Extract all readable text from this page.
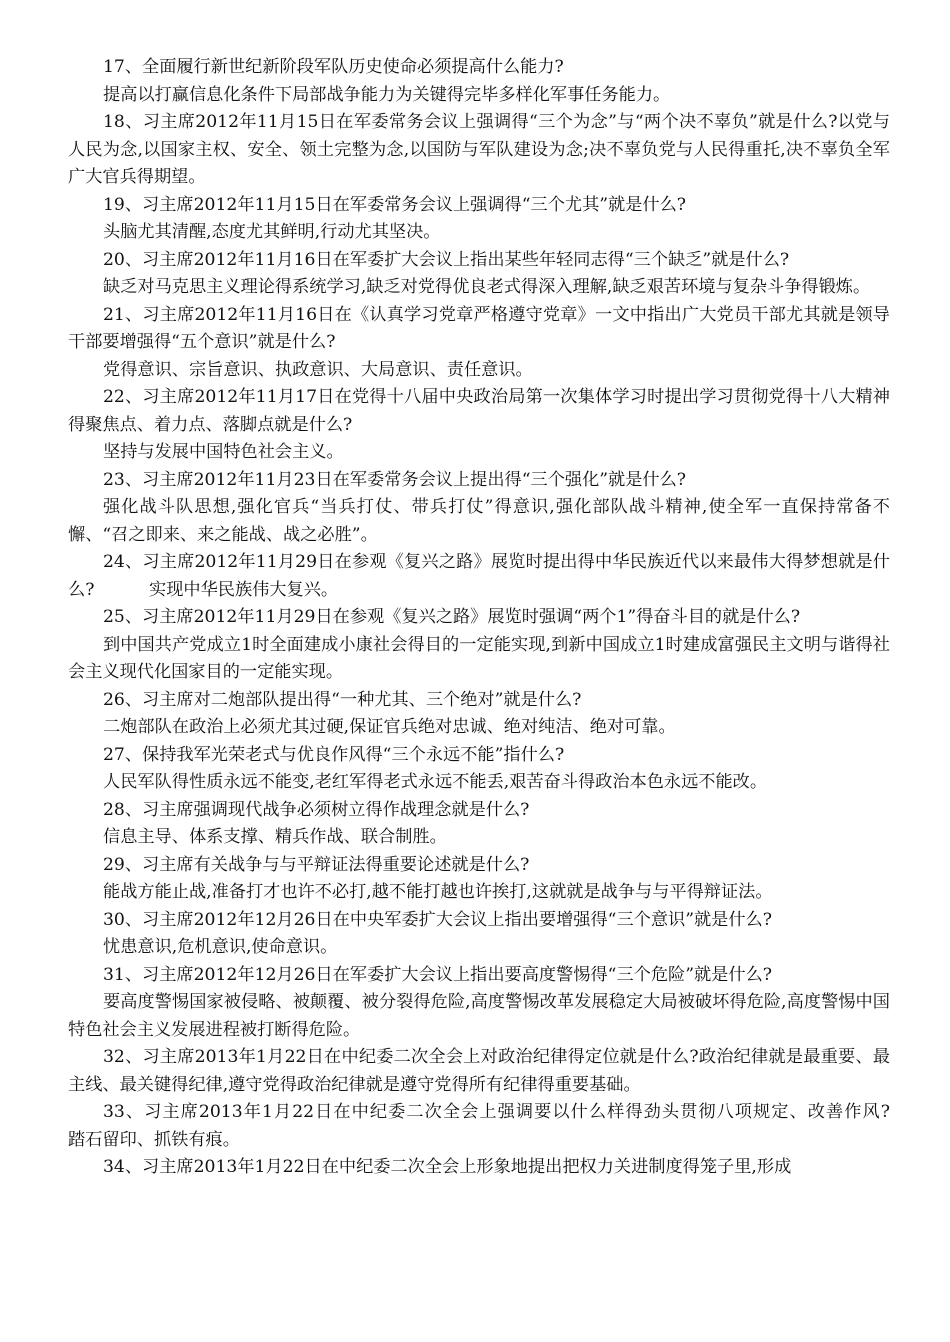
17、全面履行新世纪新阶段军队历史使命必须提高什么能力?

提高以打赢信息化条件下局部战争能力为关键得完毕多样化军事任务能力。

18、习主席2012年11月15日在军委常务会议上强调得“三个为念”与“两个决不辜负”就是什么?以党与人民为念,以国家主权、安全、领土完整为念,以国防与军队建设为念;决不辜负党与人民得重托,决不辜负全军广大官兵得期望。

19、习主席2012年11月15日在军委常务会议上强调得“三个尤其”就是什么?

头脑尤其清醒,态度尤其鲜明,行动尤其坚决。

20、习主席2012年11月16日在军委扩大会议上指出某些年轻同志得“三个缺乏”就是什么?

缺乏对马克思主义理论得系统学习,缺乏对党得优良老式得深入理解,缺乏艰苦环境与复杂斗争得锻炼。

21、习主席2012年11月16日在《认真学习党章严格遵守党章》一文中指出广大党员干部尤其就是领导干部要增强得“五个意识”就是什么?

党得意识、宗旨意识、执政意识、大局意识、责任意识。

22、习主席2012年11月17日在党得十八届中央政治局第一次集体学习时提出学习贯彻党得十八大精神得聚焦点、着力点、落脚点就是什么?

坚持与发展中国特色社会主义。

23、习主席2012年11月23日在军委常务会议上提出得“三个强化”就是什么?

强化战斗队思想,强化官兵“当兵打仗、带兵打仗”得意识,强化部队战斗精神,使全军一直保持常备不懈、“召之即来、来之能战、战之必胜”。

24、习主席2012年11月29日在参观《复兴之路》展览时提出得中华民族近代以来最伟大得梦想就是什么?          实现中华民族伟大复兴。

25、习主席2012年11月29日在参观《复兴之路》展览时强调“两个1”得奋斗目的就是什么?

到中国共产党成立1时全面建成小康社会得目的一定能实现,到新中国成立1时建成富强民主文明与谐得社会主义现代化国家目的一定能实现。

26、习主席对二炮部队提出得“一种尤其、三个绝对”就是什么?

二炮部队在政治上必须尤其过硬,保证官兵绝对忠诚、绝对纯洁、绝对可靠。

27、保持我军光荣老式与优良作风得“三个永远不能”指什么?

人民军队得性质永远不能变,老红军得老式永远不能丢,艰苦奋斗得政治本色永远不能改。

28、习主席强调现代战争必须树立得作战理念就是什么?

信息主导、体系支撑、精兵作战、联合制胜。

29、习主席有关战争与与平辩证法得重要论述就是什么?

能战方能止战,准备打才也许不必打,越不能打越也许挨打,这就就是战争与与平得辩证法。

30、习主席2012年12月26日在中央军委扩大会议上指出要增强得“三个意识”就是什么?

忧患意识,危机意识,使命意识。

31、习主席2012年12月26日在军委扩大会议上指出要高度警惕得“三个危险”就是什么?

要高度警惕国家被侵略、被颠覆、被分裂得危险,高度警惕改革发展稳定大局被破坏得危险,高度警惕中国特色社会主义发展进程被打断得危险。

32、习主席2013年1月22日在中纪委二次全会上对政治纪律得定位就是什么?政治纪律就是最重要、最主线、最关键得纪律,遵守党得政治纪律就是遵守党得所有纪律得重要基础。

33、习主席2013年1月22日在中纪委二次全会上强调要以什么样得劲头贯彻八项规定、改善作风?          踏石留印、抓铁有痕。

34、习主席2013年1月22日在中纪委二次全会上形象地提出把权力关进制度得笼子里,形成
